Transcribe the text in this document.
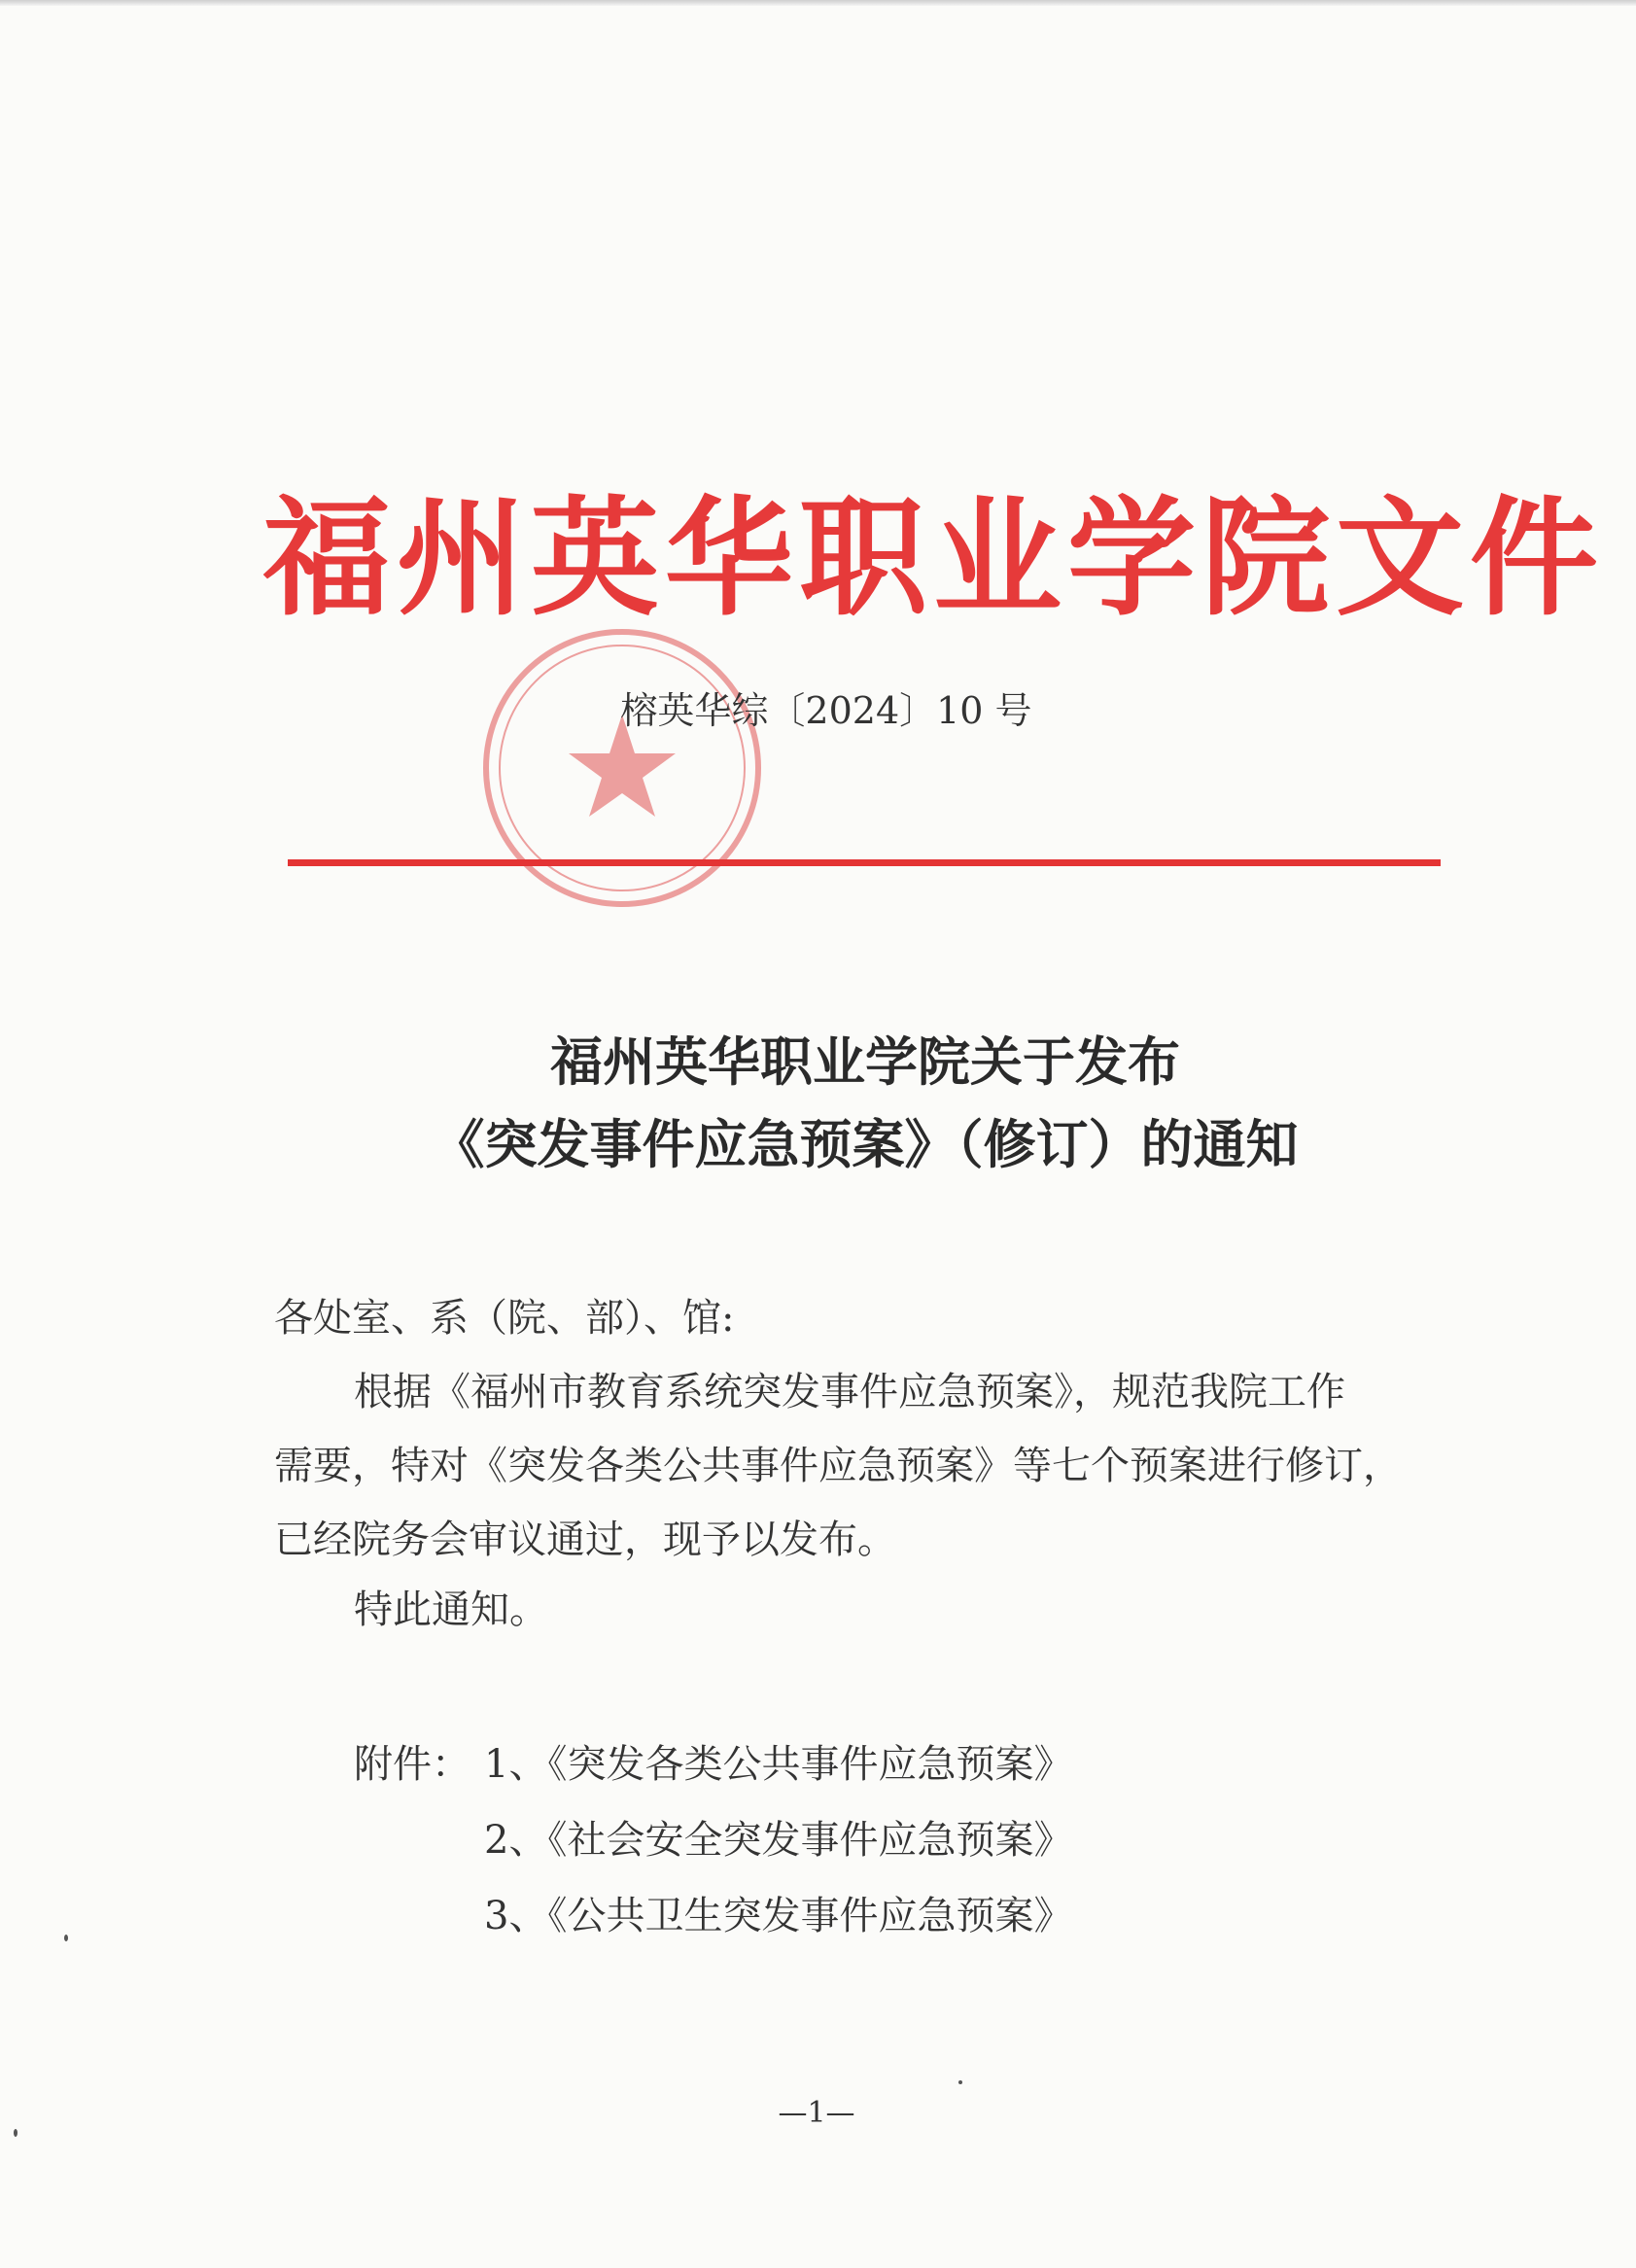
福州英华职业学院文件
榕英华综〔2024〕10 号
福州英华职业学院关于发布
《突发事件应急预案》（修订）的通知
各处室、系（院、部）、馆:
根据《福州市教育系统突发事件应急预案》，规范我院工作
需要，特对《突发各类公共事件应急预案》等七个预案进行修订，
已经院务会审议通过，现予以发布。
特此通知。
附件： 1、《突发各类公共事件应急预案》
2、《社会安全突发事件应急预案》
3、《公共卫生突发事件应急预案》
—1—
